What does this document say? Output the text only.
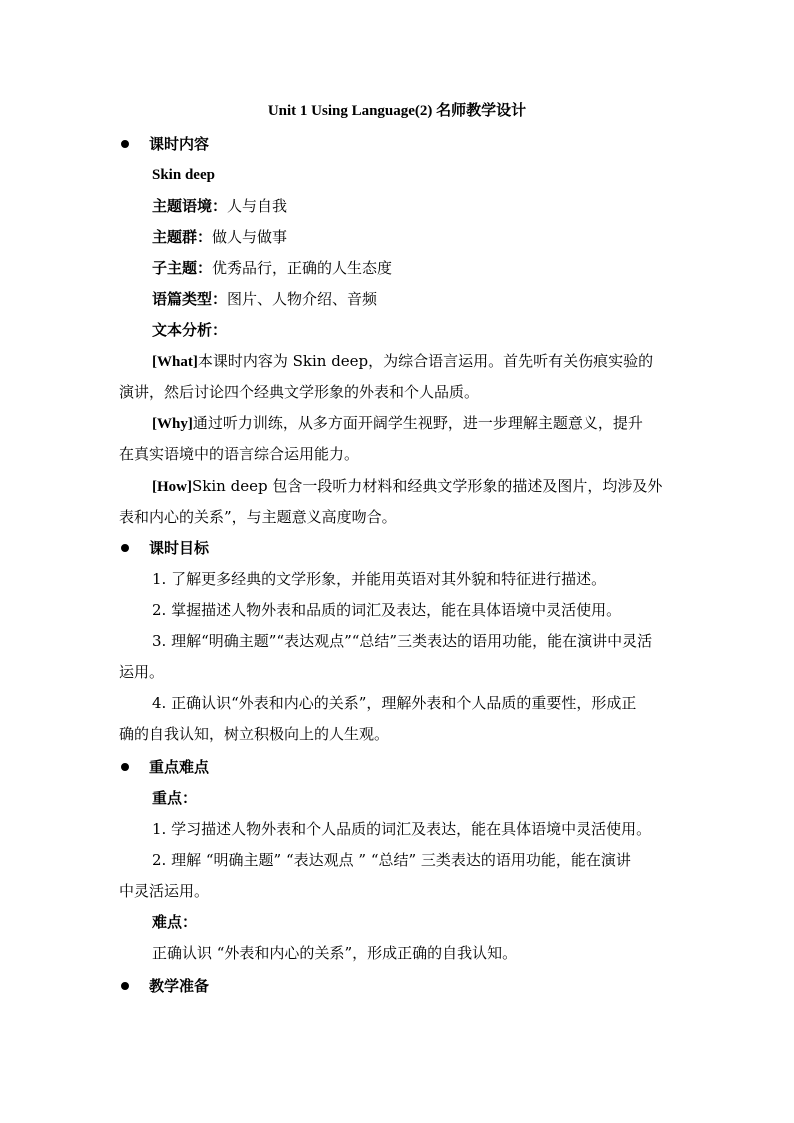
Unit 1 Using Language(2) 名师教学设计
课时内容
Skin deep
主题语境：人与自我
主题群：做人与做事
子主题：优秀品行，正确的人生态度
语篇类型：图片、人物介绍、音频
文本分析：
[What]本课时内容为 Skin deep，为综合语言运用。首先听有关伤痕实验的
演讲，然后讨论四个经典文学形象的外表和个人品质。
[Why]通过听力训练，从多方面开阔学生视野，进一步理解主题意义，提升
在真实语境中的语言综合运用能力。
[How]Skin deep 包含一段听力材料和经典文学形象的描述及图片，均涉及外
表和内心的关系”，与主题意义高度吻合。
课时目标
1. 了解更多经典的文学形象，并能用英语对其外貌和特征进行描述。
2. 掌握描述人物外表和品质的词汇及表达，能在具体语境中灵活使用。
3. 理解“明确主题”“表达观点”“总结”三类表达的语用功能，能在演讲中灵活
运用。
4. 正确认识“外表和内心的关系”，理解外表和个人品质的重要性，形成正
确的自我认知，树立积极向上的人生观。
重点难点
重点：
1. 学习描述人物外表和个人品质的词汇及表达，能在具体语境中灵活使用。
2. 理解 “明确主题” “表达观点 ” “总结” 三类表达的语用功能，能在演讲
中灵活运用。
难点：
正确认识 “外表和内心的关系”，形成正确的自我认知。
教学准备
